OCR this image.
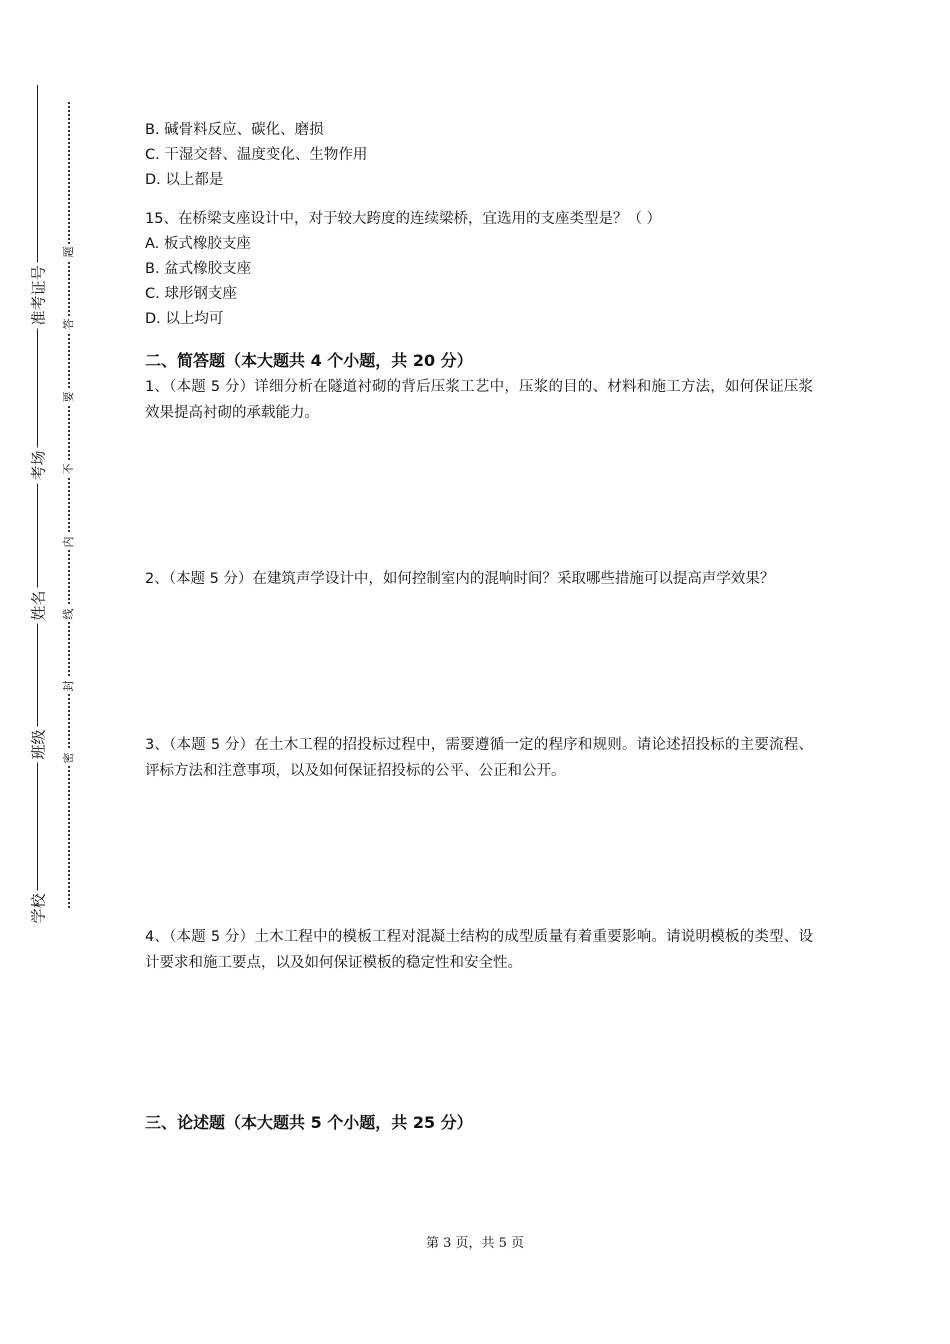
准考证号
考场
姓名
班级
学校
题
答
要
不
内
线
封
密
B. 碱骨料反应、碳化、磨损
C. 干湿交替、温度变化、生物作用
D. 以上都是
15、在桥梁支座设计中，对于较大跨度的连续梁桥，宜选用的支座类型是？（ ）
A. 板式橡胶支座
B. 盆式橡胶支座
C. 球形钢支座
D. 以上均可
二、简答题（本大题共 4 个小题，共 20 分）
1、（本题 5 分）详细分析在隧道衬砌的背后压浆工艺中，压浆的目的、材料和施工方法，如何保证压浆效果提高衬砌的承载能力。
2、（本题 5 分）在建筑声学设计中，如何控制室内的混响时间？采取哪些措施可以提高声学效果？
3、（本题 5 分）在土木工程的招投标过程中，需要遵循一定的程序和规则。请论述招投标的主要流程、评标方法和注意事项，以及如何保证招投标的公平、公正和公开。
4、（本题 5 分）土木工程中的模板工程对混凝土结构的成型质量有着重要影响。请说明模板的类型、设计要求和施工要点，以及如何保证模板的稳定性和安全性。
三、论述题（本大题共 5 个小题，共 25 分）
第 3 页，共 5 页
